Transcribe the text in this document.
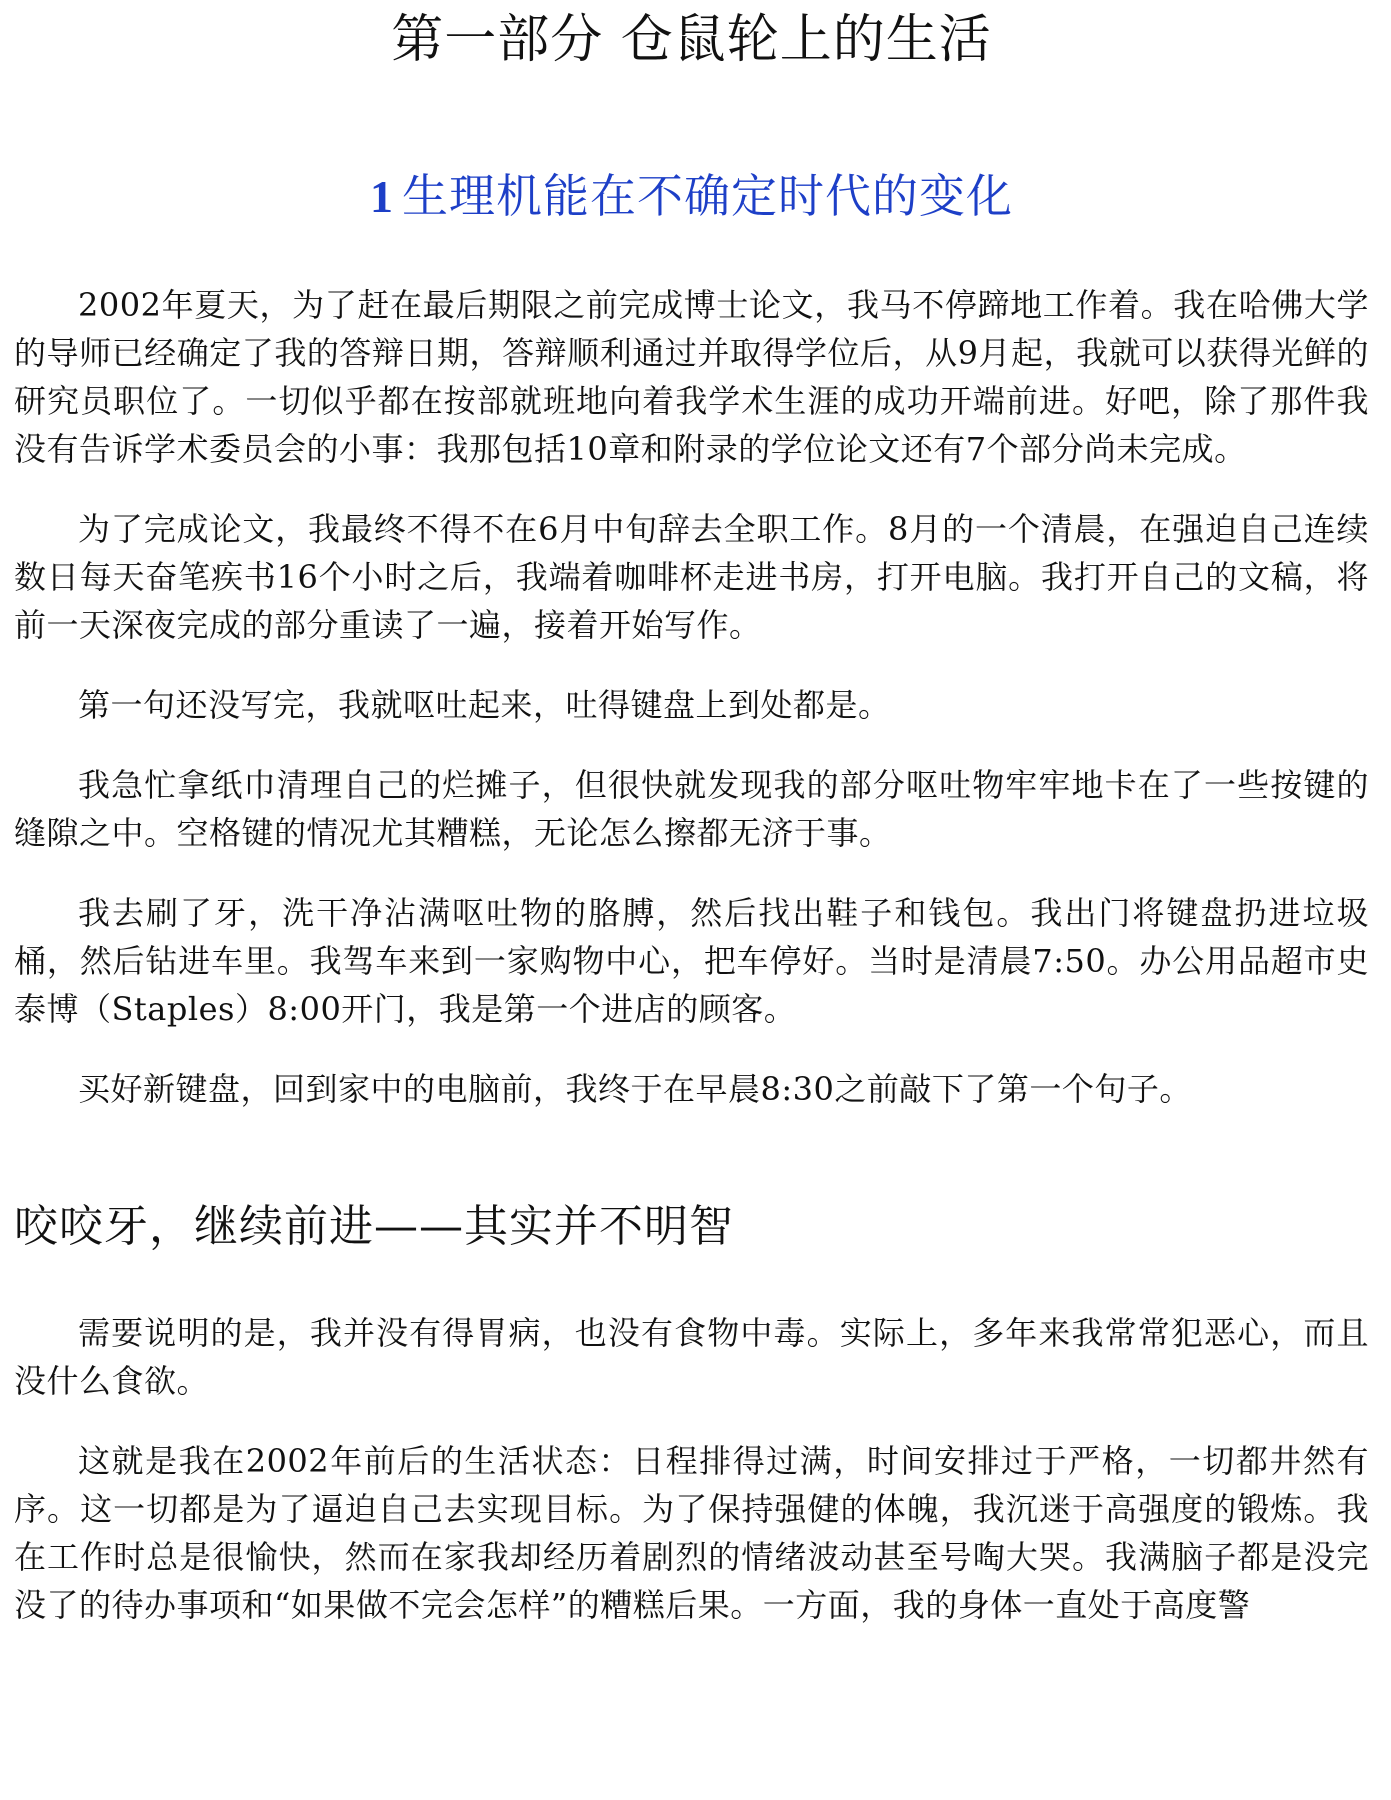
第一部分 仓鼠轮上的生活
1 生理机能在不确定时代的变化

2002年夏天，为了赶在最后期限之前完成博士论文，我马不停蹄地工作着。我在哈佛大学的导师已经确定了我的答辩日期，答辩顺利通过并取得学位后，从9月起，我就可以获得光鲜的研究员职位了。一切似乎都在按部就班地向着我学术生涯的成功开端前进。好吧，除了那件我没有告诉学术委员会的小事：我那包括10章和附录的学位论文还有7个部分尚未完成。

为了完成论文，我最终不得不在6月中旬辞去全职工作。8月的一个清晨，在强迫自己连续数日每天奋笔疾书16个小时之后，我端着咖啡杯走进书房，打开电脑。我打开自己的文稿，将前一天深夜完成的部分重读了一遍，接着开始写作。

第一句还没写完，我就呕吐起来，吐得键盘上到处都是。

我急忙拿纸巾清理自己的烂摊子，但很快就发现我的部分呕吐物牢牢地卡在了一些按键的缝隙之中。空格键的情况尤其糟糕，无论怎么擦都无济于事。

我去刷了牙，洗干净沾满呕吐物的胳膊，然后找出鞋子和钱包。我出门将键盘扔进垃圾桶，然后钻进车里。我驾车来到一家购物中心，把车停好。当时是清晨7:50。办公用品超市史泰博（Staples）8:00开门，我是第一个进店的顾客。

买好新键盘，回到家中的电脑前，我终于在早晨8:30之前敲下了第一个句子。

咬咬牙，继续前进——其实并不明智

需要说明的是，我并没有得胃病，也没有食物中毒。实际上，多年来我常常犯恶心，而且没什么食欲。

这就是我在2002年前后的生活状态：日程排得过满，时间安排过于严格，一切都井然有序。这一切都是为了逼迫自己去实现目标。为了保持强健的体魄，我沉迷于高强度的锻炼。我在工作时总是很愉快，然而在家我却经历着剧烈的情绪波动甚至号啕大哭。我满脑子都是没完没了的待办事项和“如果做不完会怎样”的糟糕后果。一方面，我的身体一直处于高度警
